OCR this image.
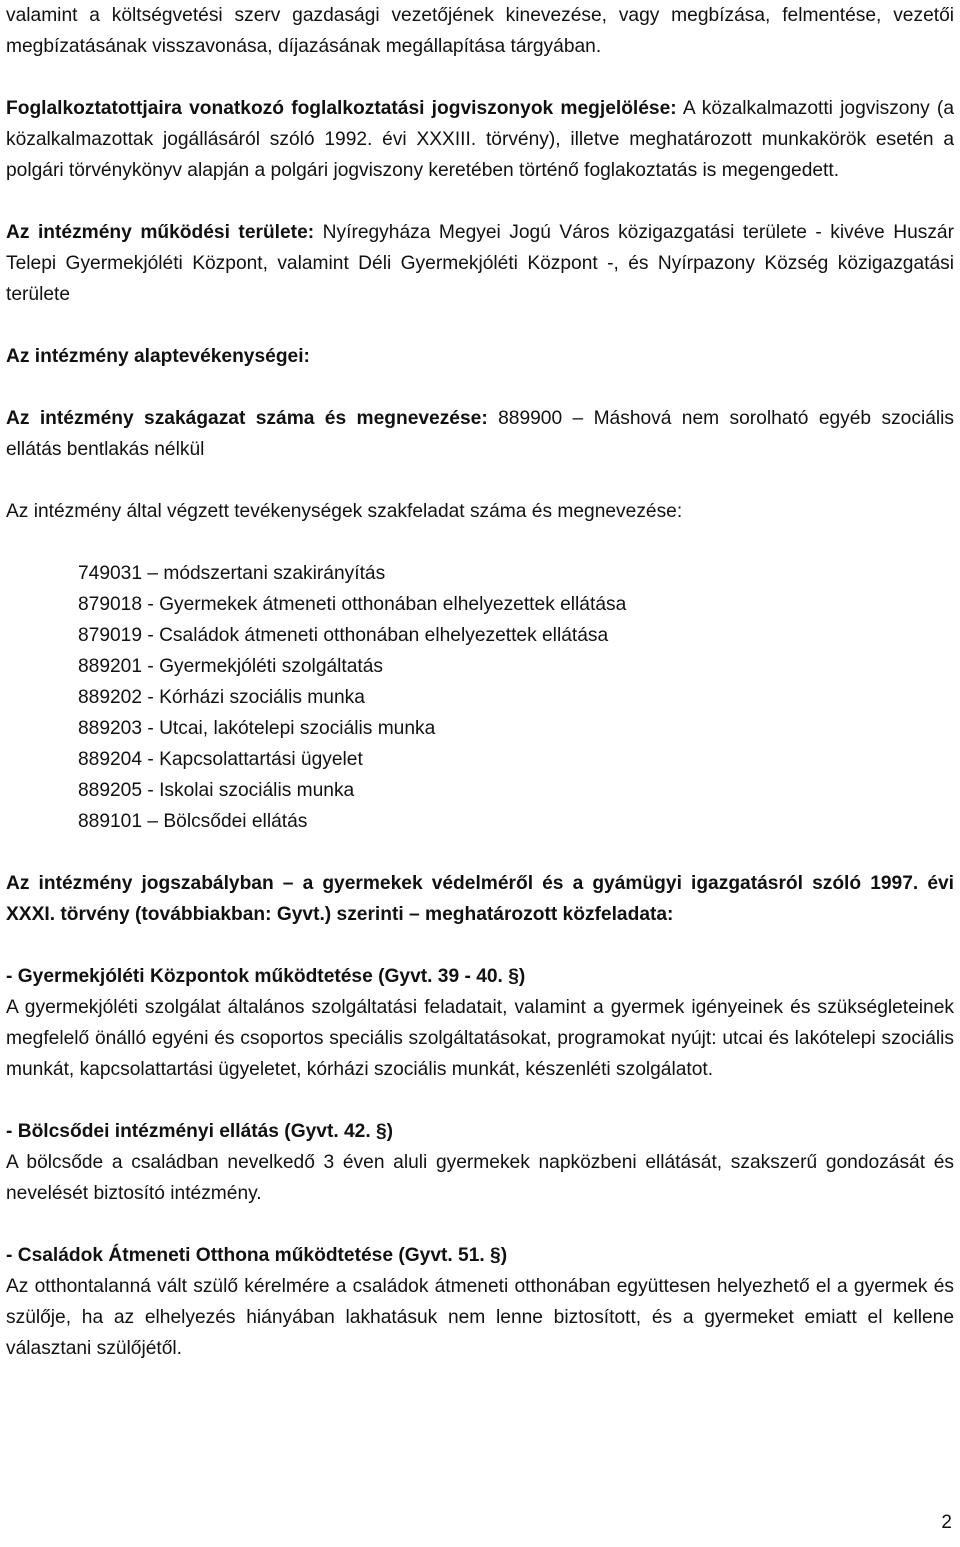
valamint a költségvetési szerv gazdasági vezetőjének kinevezése, vagy megbízása, felmentése, vezetői megbízatásának visszavonása, díjazásának megállapítása tárgyában.

Foglalkoztatottjaira vonatkozó foglalkoztatási jogviszonyok megjelölése: A közalkalmazotti jogviszony (a közalkalmazottak jogállásáról szóló 1992. évi XXXIII. törvény), illetve meghatározott munkakörök esetén a polgári törvénykönyv alapján a polgári jogviszony keretében történő foglakoztatás is megengedett.

Az intézmény működési területe: Nyíregyháza Megyei Jogú Város közigazgatási területe - kivéve Huszár Telepi Gyermekjóléti Központ, valamint Déli Gyermekjóléti Központ -, és Nyírpazony Község közigazgatási területe

Az intézmény alaptevékenységei:

Az intézmény szakágazat száma és megnevezése: 889900 – Máshová nem sorolható egyéb szociális ellátás bentlakás nélkül

Az intézmény által végzett tevékenységek szakfeladat száma és megnevezése:

749031 – módszertani szakirányítás

879018 - Gyermekek átmeneti otthonában elhelyezettek ellátása

879019 - Családok átmeneti otthonában elhelyezettek ellátása

889201 - Gyermekjóléti szolgáltatás

889202 - Kórházi szociális munka

889203 - Utcai, lakótelepi szociális munka

889204 - Kapcsolattartási ügyelet

889205 - Iskolai szociális munka

889101 – Bölcsődei ellátás

Az intézmény jogszabályban – a gyermekek védelméről és a gyámügyi igazgatásról szóló 1997. évi XXXI. törvény (továbbiakban: Gyvt.) szerinti – meghatározott közfeladata:

- Gyermekjóléti Központok működtetése (Gyvt. 39 - 40. §)

A gyermekjóléti szolgálat általános szolgáltatási feladatait, valamint a gyermek igényeinek és szükségleteinek megfelelő önálló egyéni és csoportos speciális szolgáltatásokat, programokat nyújt: utcai és lakótelepi szociális munkát, kapcsolattartási ügyeletet, kórházi szociális munkát, készenléti szolgálatot.

- Bölcsődei intézményi ellátás (Gyvt. 42. §)

A bölcsőde a családban nevelkedő 3 éven aluli gyermekek napközbeni ellátását, szakszerű gondozását és nevelését biztosító intézmény.

- Családok Átmeneti Otthona működtetése (Gyvt. 51. §)

Az otthontalanná vált szülő kérelmére a családok átmeneti otthonában együttesen helyezhető el a gyermek és szülője, ha az elhelyezés hiányában lakhatásuk nem lenne biztosított, és a gyermeket emiatt el kellene választani szülőjétől.

2
